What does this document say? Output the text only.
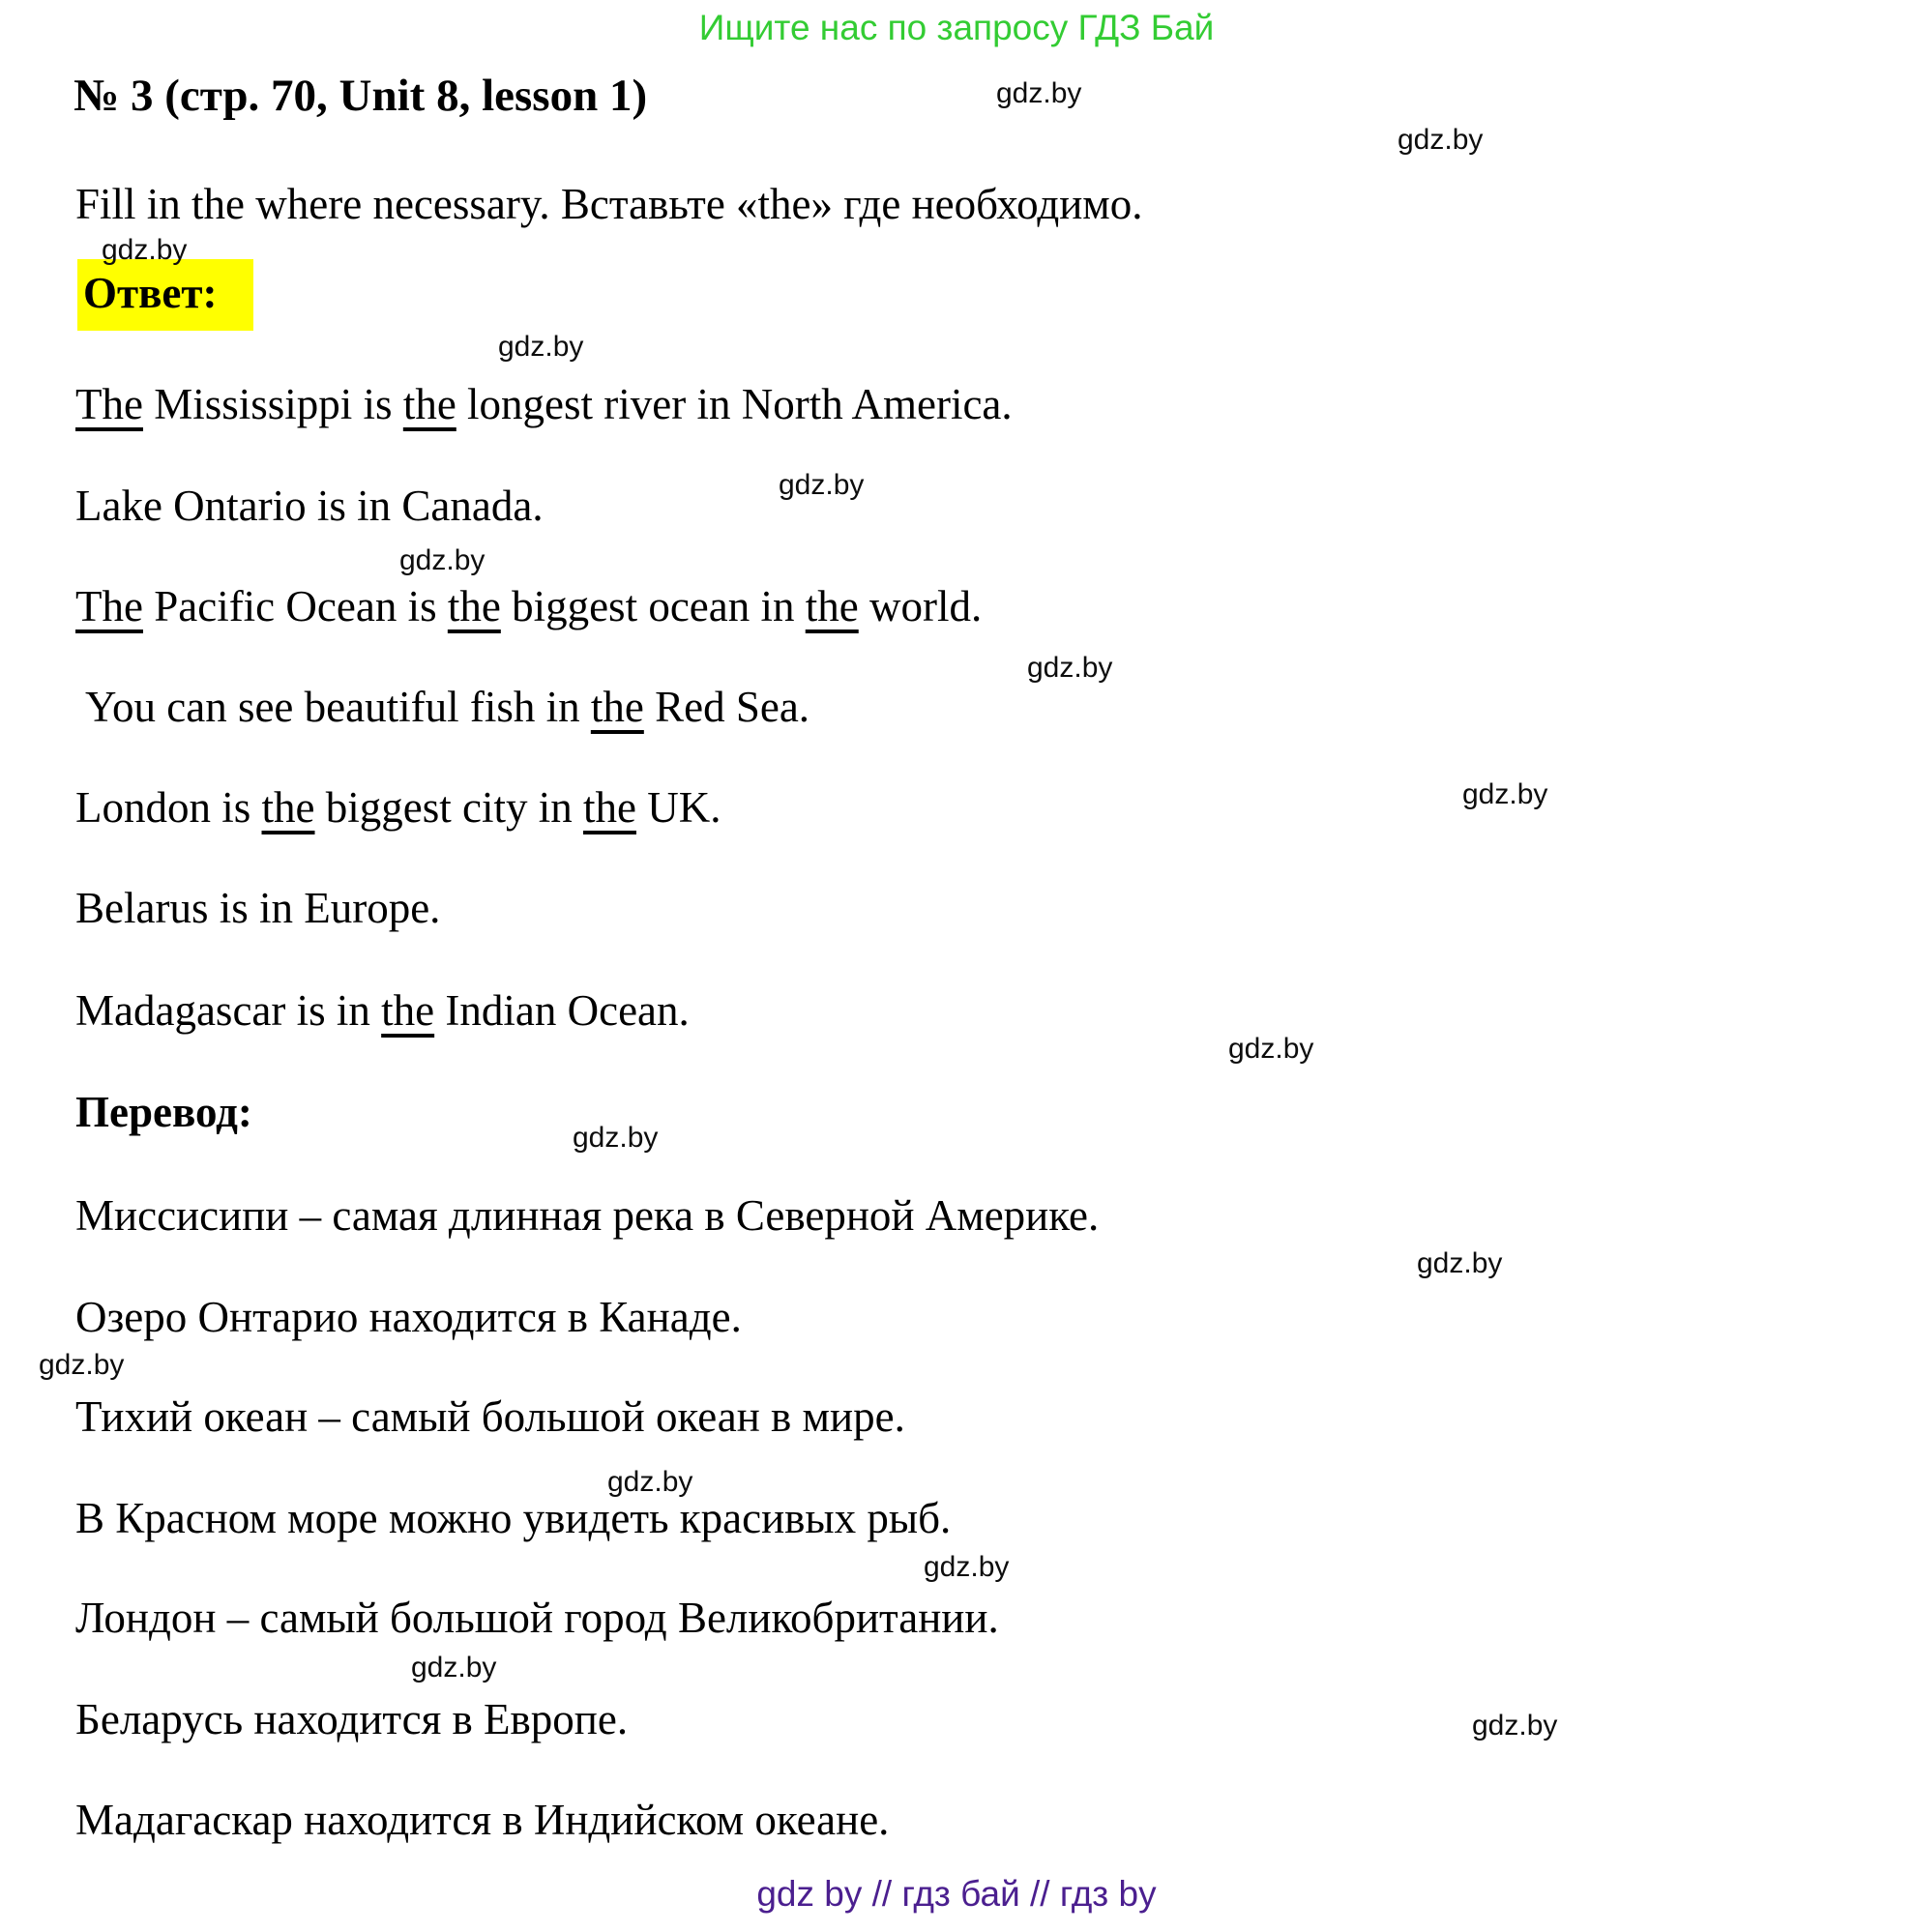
Ищите нас по запросу ГДЗ Бай
№ 3 (стр. 70, Unit 8, lesson 1)
Fill in the where necessary. Вставьте «the» где необходимо.
Ответ:
The Mississippi is the longest river in North America.
Lake Ontario is in Canada.
The Pacific Ocean is the biggest ocean in the world.
You can see beautiful fish in the Red Sea.
London is the biggest city in the UK.
Belarus is in Europe.
Madagascar is in the Indian Ocean.
Перевод:
Миссисипи – самая длинная река в Северной Америке.
Озеро Онтарио находится в Канаде.
Тихий океан – самый большой океан в мире.
В Красном море можно увидеть красивых рыб.
Лондон – самый большой город Великобритании.
Беларусь находится в Европе.
Мадагаскар находится в Индийском океане.
gdz.by
gdz.by
gdz.by
gdz.by
gdz.by
gdz.by
gdz.by
gdz.by
gdz.by
gdz.by
gdz.by
gdz.by
gdz.by
gdz.by
gdz.by
gdz.by
gdz by // гдз бай // гдз by
